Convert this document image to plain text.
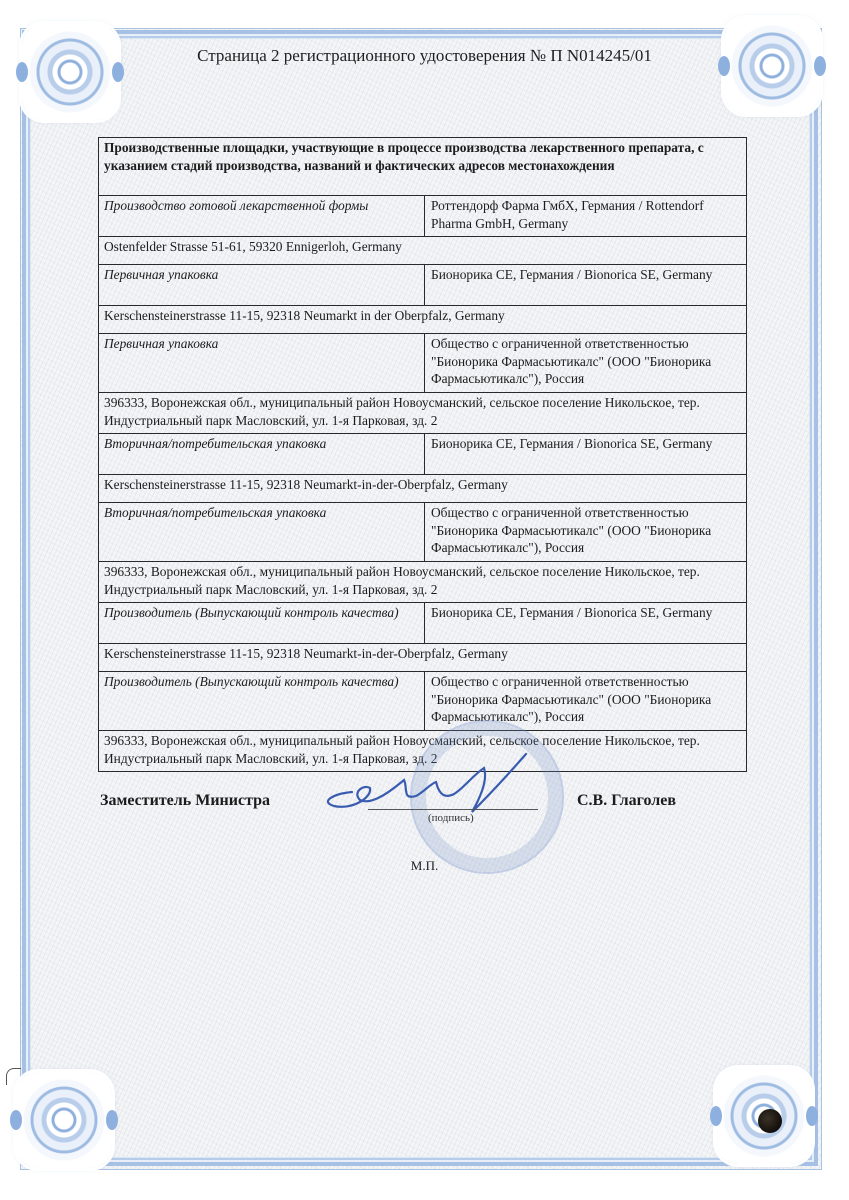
Страница 2 регистрационного удостоверения № П N014245/01
Производственные площадки, участвующие в процессе производства лекарственного препарата, с указанием стадий производства, названий и фактических адресов местонахождения	
Производство готовой лекарственной формы	Роттендорф Фарма ГмбХ, Германия / Rottendorf Pharma GmbH, Germany
Ostenfelder Strasse 51-61, 59320 Ennigerloh, Germany	
Первичная упаковка	Бионорика СЕ, Германия / Bionorica SE, Germany
Kerschensteinerstrasse 11-15, 92318 Neumarkt in der Oberpfalz, Germany	
Первичная упаковка	Общество с ограниченной ответственностью "Бионорика Фармасьютикалс" (ООО "Бионорика Фармасьютикалс"), Россия
396333, Воронежская обл., муниципальный район Новоусманский, сельское поселение Никольское, тер. Индустриальный парк Масловский, ул. 1-я Парковая, зд. 2	
Вторичная/потребительская упаковка	Бионорика СЕ, Германия / Bionorica SE, Germany
Kerschensteinerstrasse 11-15, 92318 Neumarkt-in-der-Oberpfalz, Germany	
Вторичная/потребительская упаковка	Общество с ограниченной ответственностью "Бионорика Фармасьютикалс" (ООО "Бионорика Фармасьютикалс"), Россия
396333, Воронежская обл., муниципальный район Новоусманский, сельское поселение Никольское, тер. Индустриальный парк Масловский, ул. 1-я Парковая, зд. 2	
Производитель (Выпускающий контроль качества)	Бионорика СЕ, Германия / Bionorica SE, Germany
Kerschensteinerstrasse 11-15, 92318 Neumarkt-in-der-Oberpfalz, Germany	
Производитель (Выпускающий контроль качества)	Общество с ограниченной ответственностью "Бионорика Фармасьютикалс" (ООО "Бионорика Фармасьютикалс"), Россия
396333, Воронежская обл., муниципальный район Новоусманский, сельское поселение Никольское, тер. Индустриальный парк Масловский, ул. 1-я Парковая, зд. 2	
Заместитель Министра
(подпись)
С.В. Глаголев
М.П.
